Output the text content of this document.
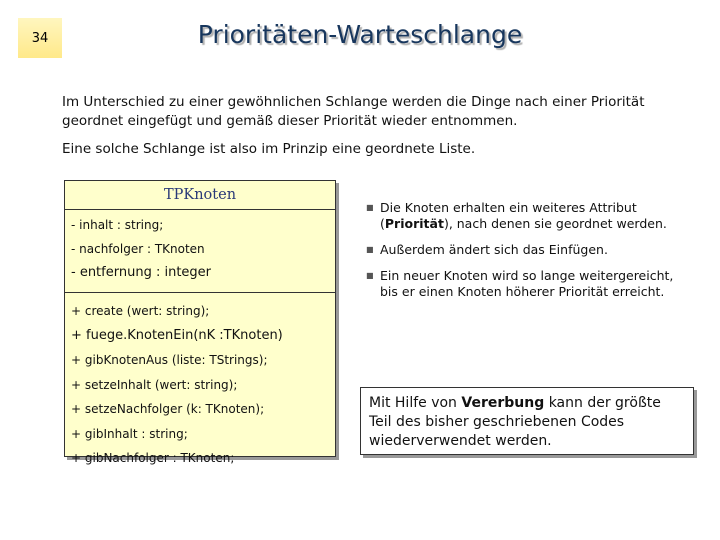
34	Prioritäten-Warteschlange
Im Unterschied zu einer gewöhnlichen Schlange werden die Dinge nach einer Priorität
geordnet eingefügt und gemäß dieser Priorität wieder entnommen.
Eine solche Schlange ist also im Prinzip eine geordnete Liste.
TPKnoten
- inhalt : string;
- nachfolger : TKnoten
- entfernung : integer
+ create (wert: string);
+ fuege.KnotenEin(nK :TKnoten)
+ gibKnotenAus (liste: TStrings);
+ setzeInhalt (wert: string);
+ setzeNachfolger (k: TKnoten);
+ gibInhalt : string;
+ gibNachfolger : TKnoten;
■ Die Knoten erhalten ein weiteres Attribut
(Priorität), nach denen sie geordnet werden.
■ Außerdem ändert sich das Einfügen.
■ Ein neuer Knoten wird so lange weitergereicht,
bis er einen Knoten höherer Priorität erreicht.
Mit Hilfe von Vererbung kann der größte
Teil des bisher geschriebenen Codes
wiederverwendet werden.
